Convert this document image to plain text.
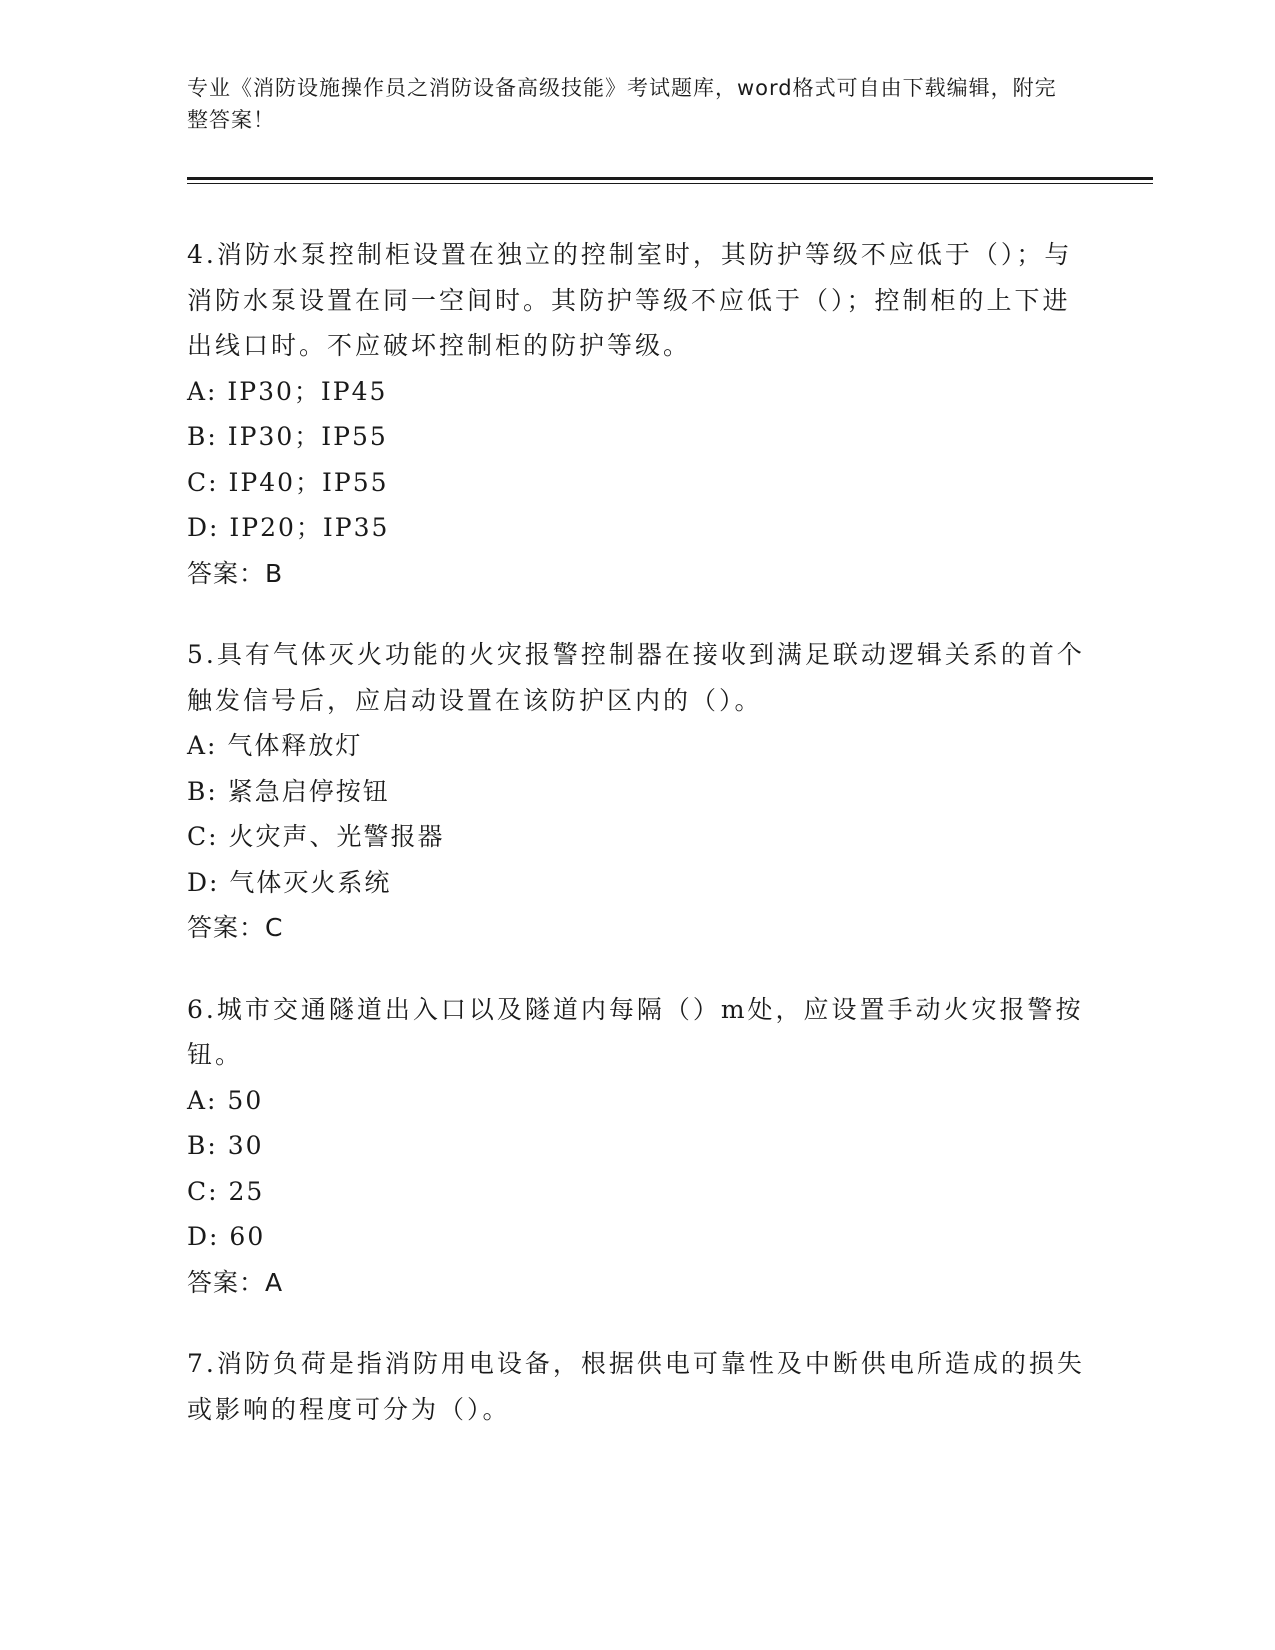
专业《消防设施操作员之消防设备高级技能》考试题库，word格式可自由下载编辑，附完整答案！

4.消防水泵控制柜设置在独立的控制室时，其防护等级不应低于（）；与消防水泵设置在同一空间时。其防护等级不应低于（）；控制柜的上下进出线口时。不应破坏控制柜的防护等级。

A: IP30；IP45

B: IP30；IP55

C: IP40；IP55

D: IP20；IP35

答案：B

5.具有气体灭火功能的火灾报警控制器在接收到满足联动逻辑关系的首个触发信号后，应启动设置在该防护区内的（）。

A: 气体释放灯

B: 紧急启停按钮

C: 火灾声、光警报器

D: 气体灭火系统

答案：C

6.城市交通隧道出入口以及隧道内每隔（）m处，应设置手动火灾报警按钮。

A: 50

B: 30

C: 25

D: 60

答案：A

7.消防负荷是指消防用电设备，根据供电可靠性及中断供电所造成的损失或影响的程度可分为（）。
